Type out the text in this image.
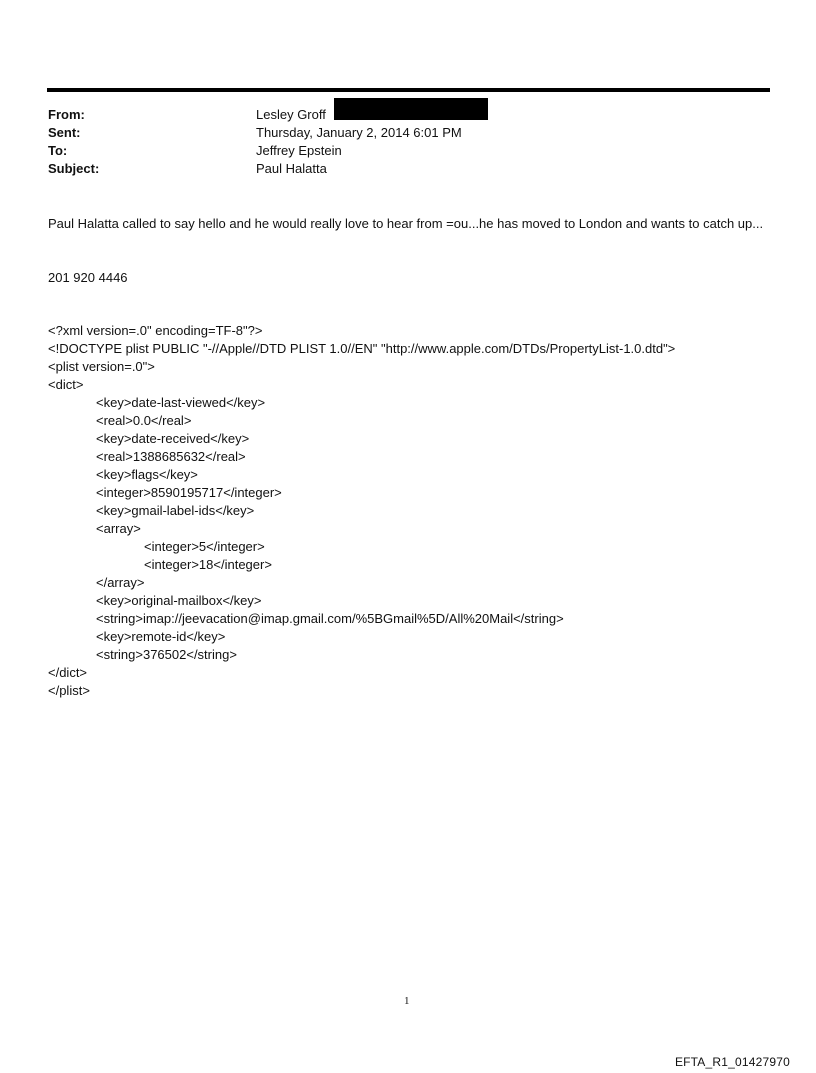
From:	Lesley Groff
Sent:	Thursday, January 2, 2014 6:01 PM
To:	Jeffrey Epstein
Subject:	Paul Halatta
Paul Halatta called to say hello and he would really love to hear from =ou...he has moved to London and wants to catch up...
201 920 4446
<?xml version=.0" encoding=TF-8"?>
<!DOCTYPE plist PUBLIC "-//Apple//DTD PLIST 1.0//EN" "http://www.apple.com/DTDs/PropertyList-1.0.dtd">
<plist version=.0">
<dict>
<key>date-last-viewed</key>
<real>0.0</real>
<key>date-received</key>
<real>1388685632</real>
<key>flags</key>
<integer>8590195717</integer>
<key>gmail-label-ids</key>
<array>
<integer>5</integer>
<integer>18</integer>
</array>
<key>original-mailbox</key>
<string>imap://jeevacation@imap.gmail.com/%5BGmail%5D/All%20Mail</string>
<key>remote-id</key>
<string>376502</string>
</dict>
</plist>
1
EFTA_R1_01427970
